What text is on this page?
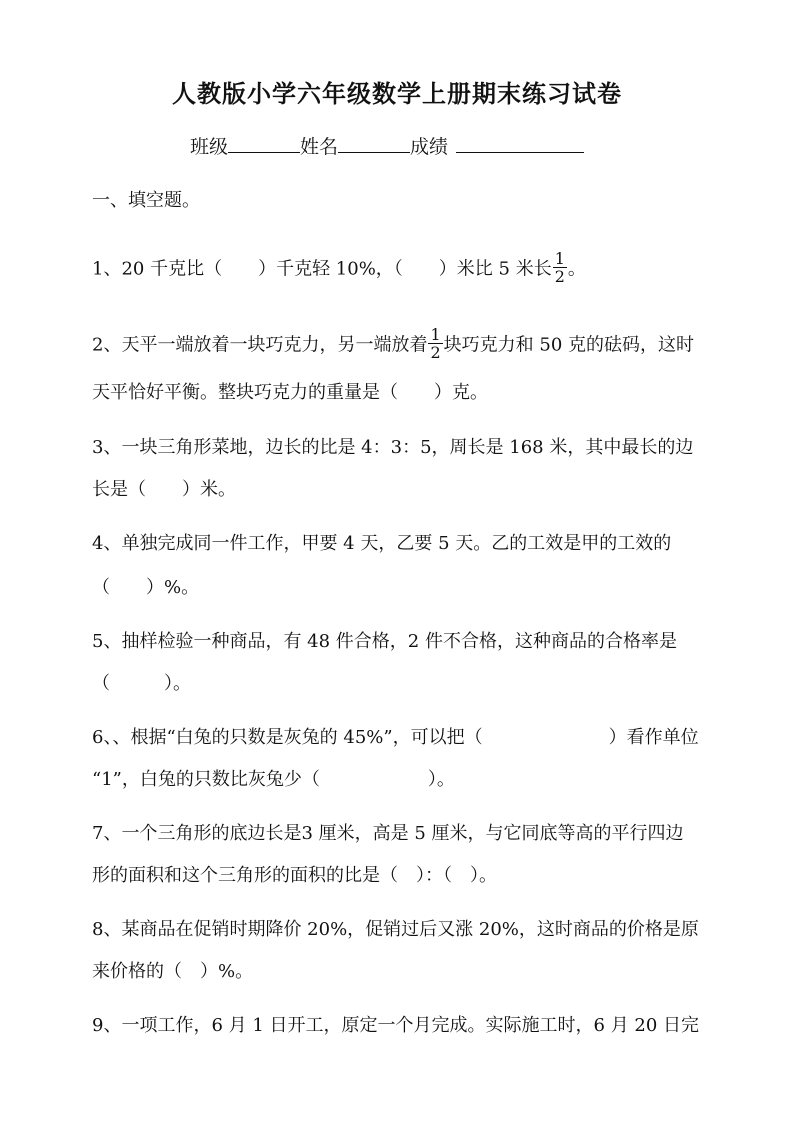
人教版小学六年级数学上册期末练习试卷
班级	姓名	成绩
一、填空题。
1、20 千克比（　　）千克轻 10%，（　　）米比 5 米长 $\frac{1}{2}$ 。
2、天平一端放着一块巧克力，另一端放着 $\frac{1}{2}$ 块巧克力和 50 克的砝码，这时
天平恰好平衡。整块巧克力的重量是（　　）克。
3、一块三角形菜地，边长的比是 4：3：5，周长是 168 米，其中最长的边
长是（　　）米。
4、单独完成同一件工作，甲要 4 天，乙要 5 天。乙的工效是甲的工效的
（　　）%。
5、抽样检验一种商品，有 48 件合格，2 件不合格，这种商品的合格率是
（　　　）。
6、、根据“白兔的只数是灰兔的 45%”，可以把（　　　　　　　）看作单位
“1”，白兔的只数比灰兔少（　　　　　　）。
7、一个三角形的底边长是3 厘米，高是 5 厘米，与它同底等高的平行四边
形的面积和这个三角形的面积的比是（　）：（　）。
8、某商品在促销时期降价 20%，促销过后又涨 20%，这时商品的价格是原
来价格的（　）%。
9、一项工作，6 月 1 日开工，原定一个月完成。实际施工时，6 月 20 日完
